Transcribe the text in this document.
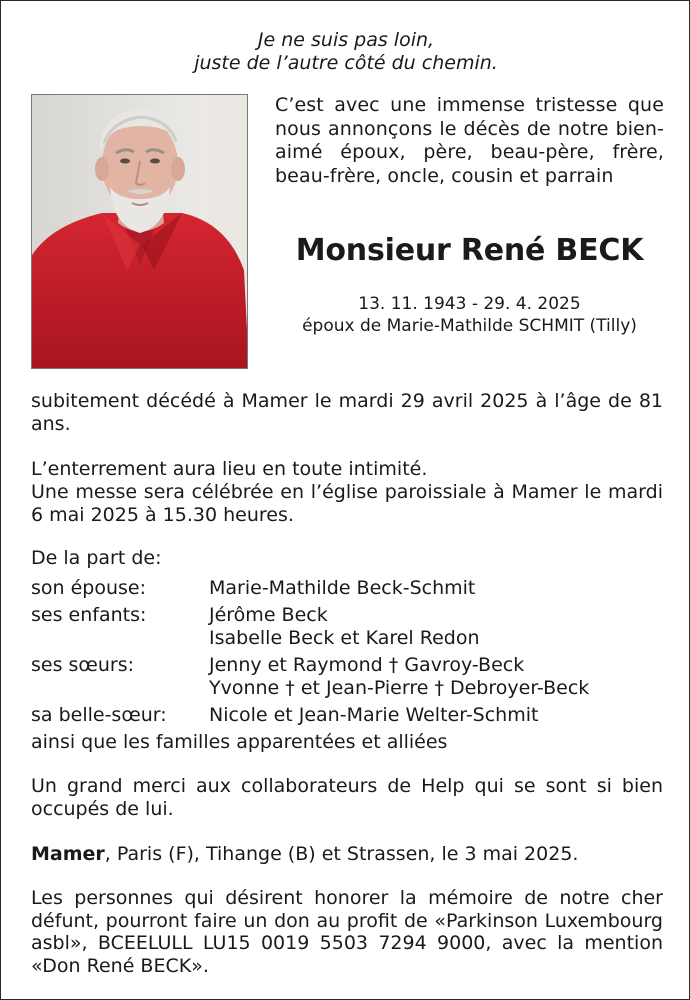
Je ne suis pas loin,
juste de l’autre côté du chemin.
C’est avec une immense tristesse que nous annonçons le décès de notre bien-aimé époux, père, beau-père, frère, beau-frère, oncle, cousin et parrain
Monsieur René BECK
13. 11. 1943 - 29. 4. 2025
époux de Marie-Mathilde SCHMIT (Tilly)
subitement décédé à Mamer le mardi 29 avril 2025 à l’âge de 81 ans.
L’enterrement aura lieu en toute intimité.
Une messe sera célébrée en l’église paroissiale à Mamer le mardi 6 mai 2025 à 15.30 heures.
De la part de:
son épouse:	Marie-Mathilde Beck-Schmit
ses enfants:	Jérôme Beck
Isabelle Beck et Karel Redon
ses sœurs:	Jenny et Raymond † Gavroy-Beck
Yvonne † et Jean-Pierre † Debroyer-Beck
sa belle-sœur: Nicole et Jean-Marie Welter-Schmit
ainsi que les familles apparentées et alliées
Un grand merci aux collaborateurs de Help qui se sont si bien occupés de lui.
Mamer, Paris (F), Tihange (B) et Strassen, le 3 mai 2025.
Les personnes qui désirent honorer la mémoire de notre cher défunt, pourront faire un don au profit de «Parkinson Luxembourg asbl», BCEELULL LU15 0019 5503 7294 9000, avec la mention «Don René BECK».
